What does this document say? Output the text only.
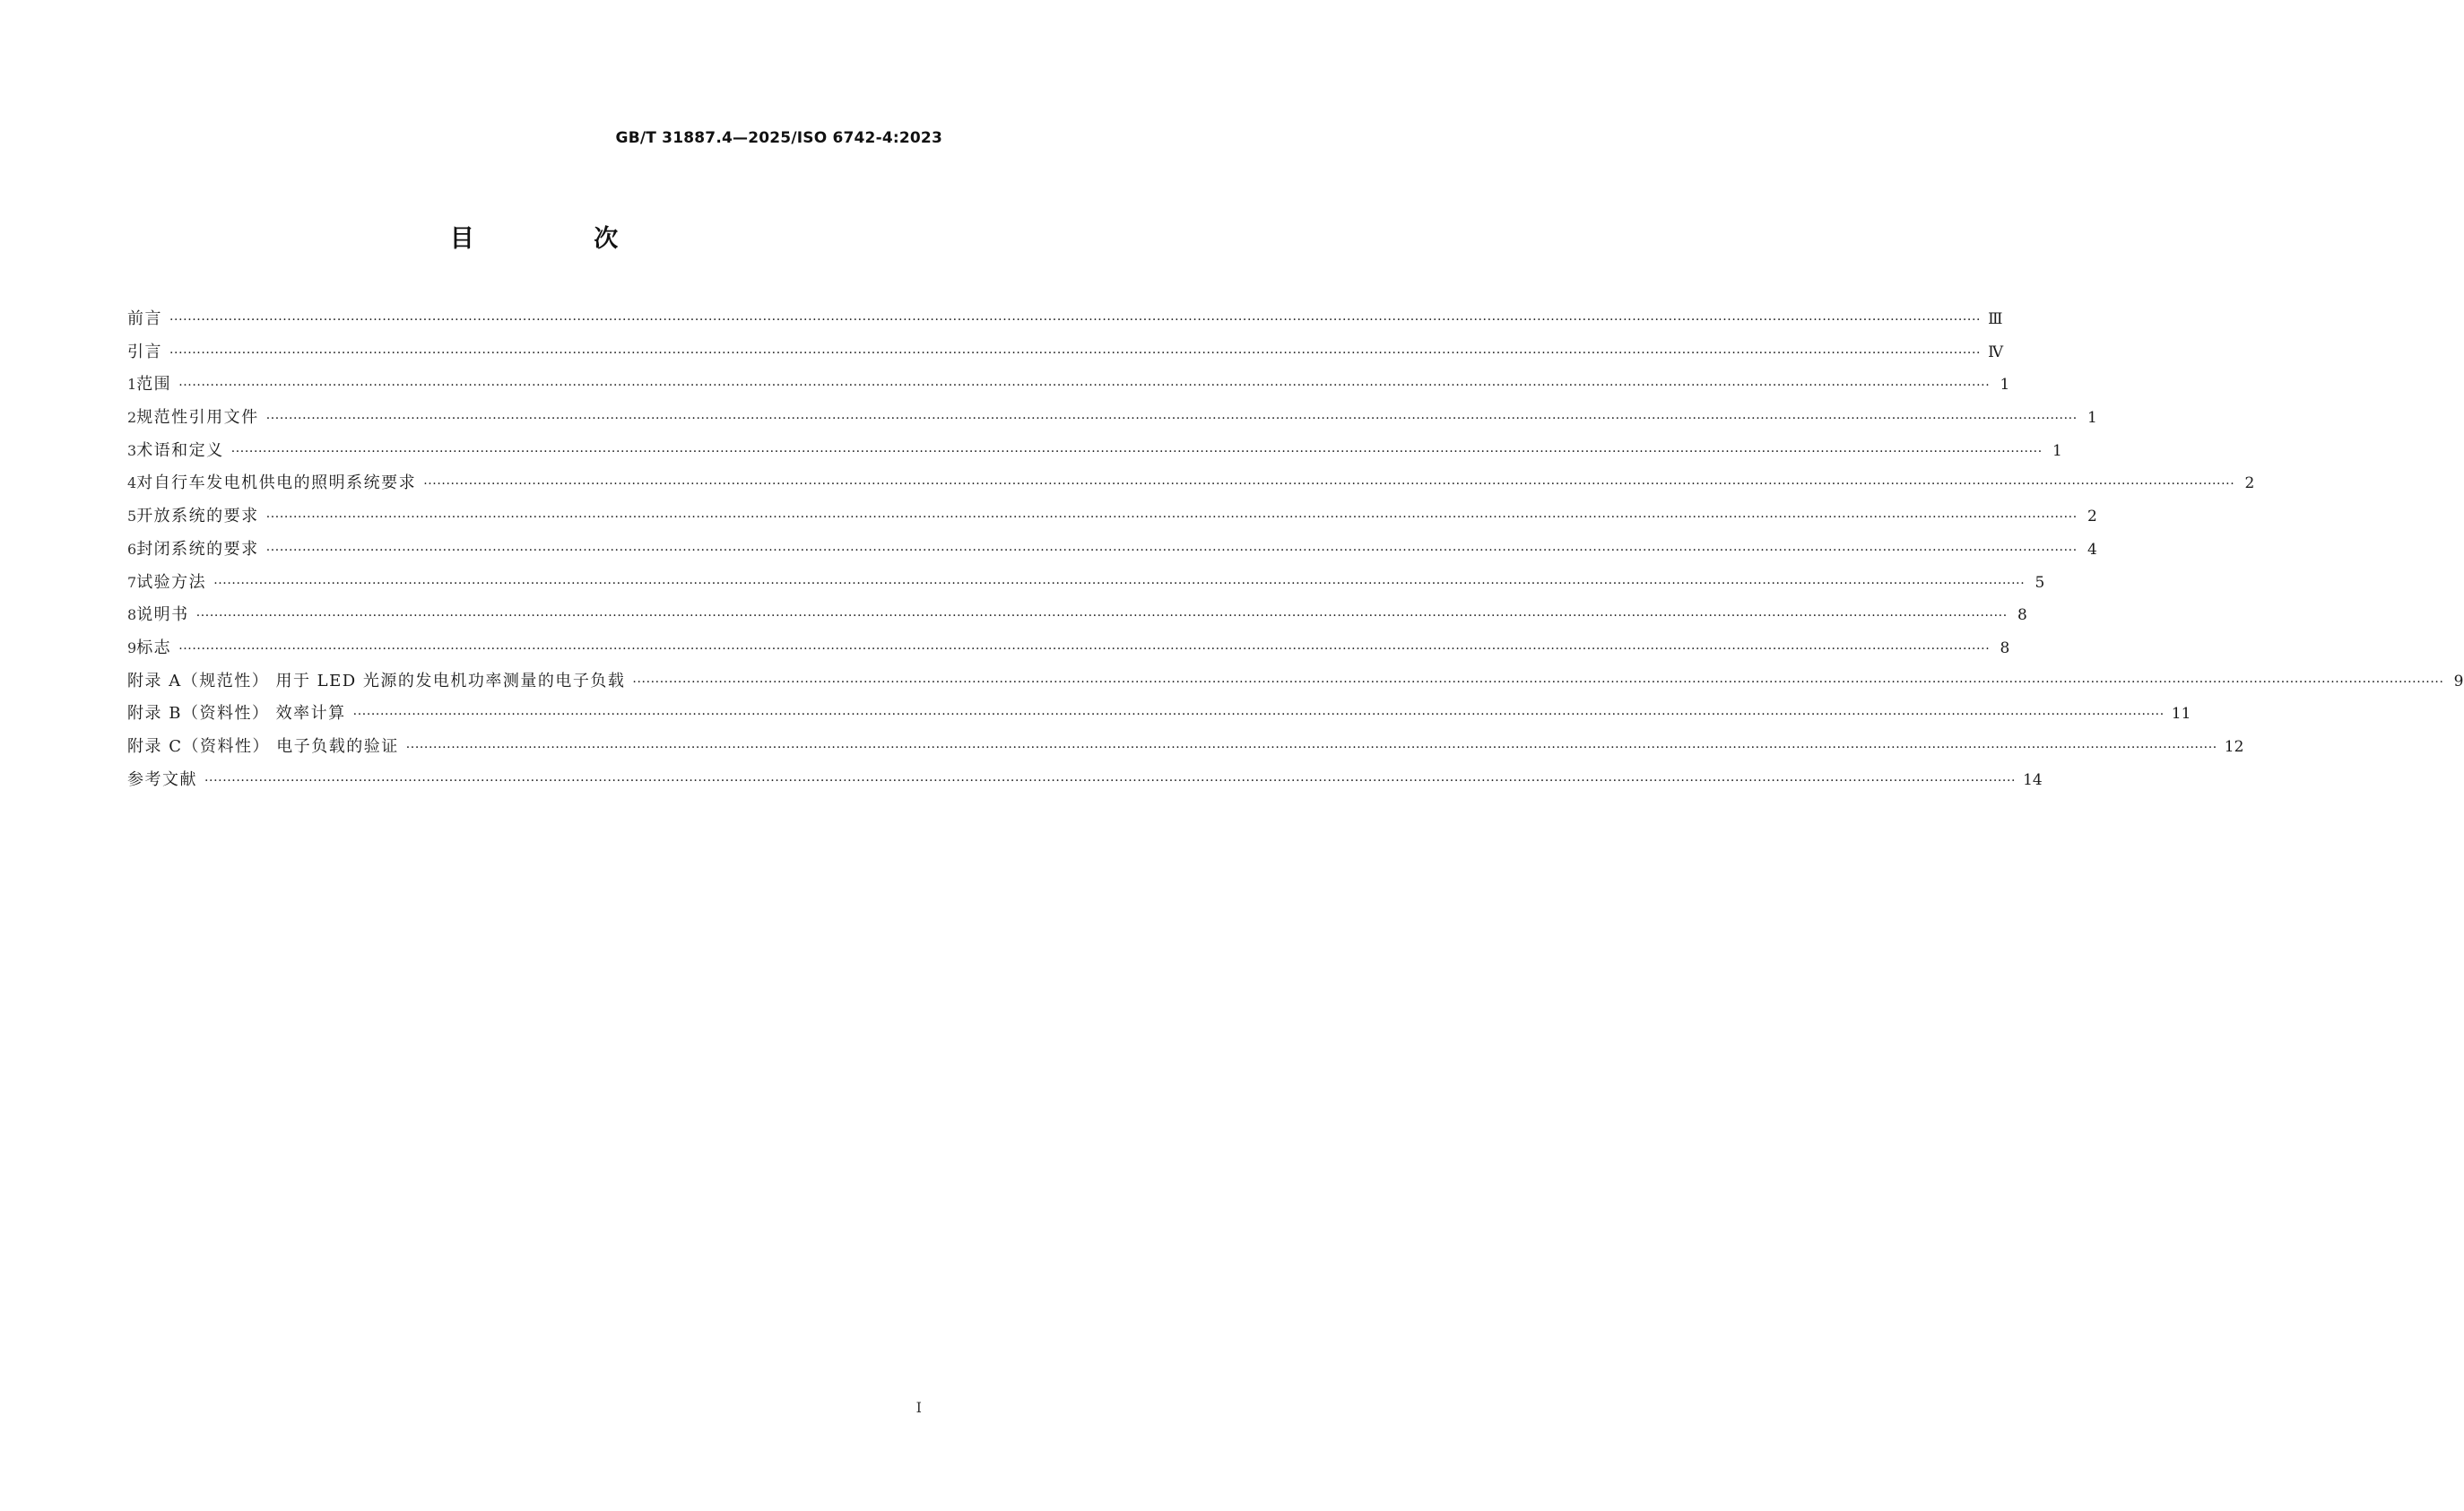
GB/T 31887.4—2025/ISO 6742-4:2023
目 次
前言 ················································································································································································································································································································································································································ Ⅲ
引言 ················································································································································································································································································································································································································ Ⅳ
1 范围 ················································································································································································································································································································································································································ 1
2 规范性引用文件 ················································································································································································································································································································································································································ 1
3 术语和定义 ················································································································································································································································································································································································································ 1
4 对自行车发电机供电的照明系统要求 ················································································································································································································································································································································································································ 2
5 开放系统的要求 ················································································································································································································································································································································································································ 2
6 封闭系统的要求 ················································································································································································································································································································································································································ 4
7 试验方法 ················································································································································································································································································································································································································ 5
8 说明书 ················································································································································································································································································································································································································ 8
9 标志 ················································································································································································································································································································································································································ 8
附录 A（规范性） 用于 LED 光源的发电机功率测量的电子负载 ················································································································································································································································································································································································································ 9
附录 B（资料性） 效率计算 ················································································································································································································································································································································································································ 11
附录 C（资料性） 电子负载的验证 ················································································································································································································································································································································································································ 12
参考文献 ················································································································································································································································································································································································································ 14
Ⅰ
